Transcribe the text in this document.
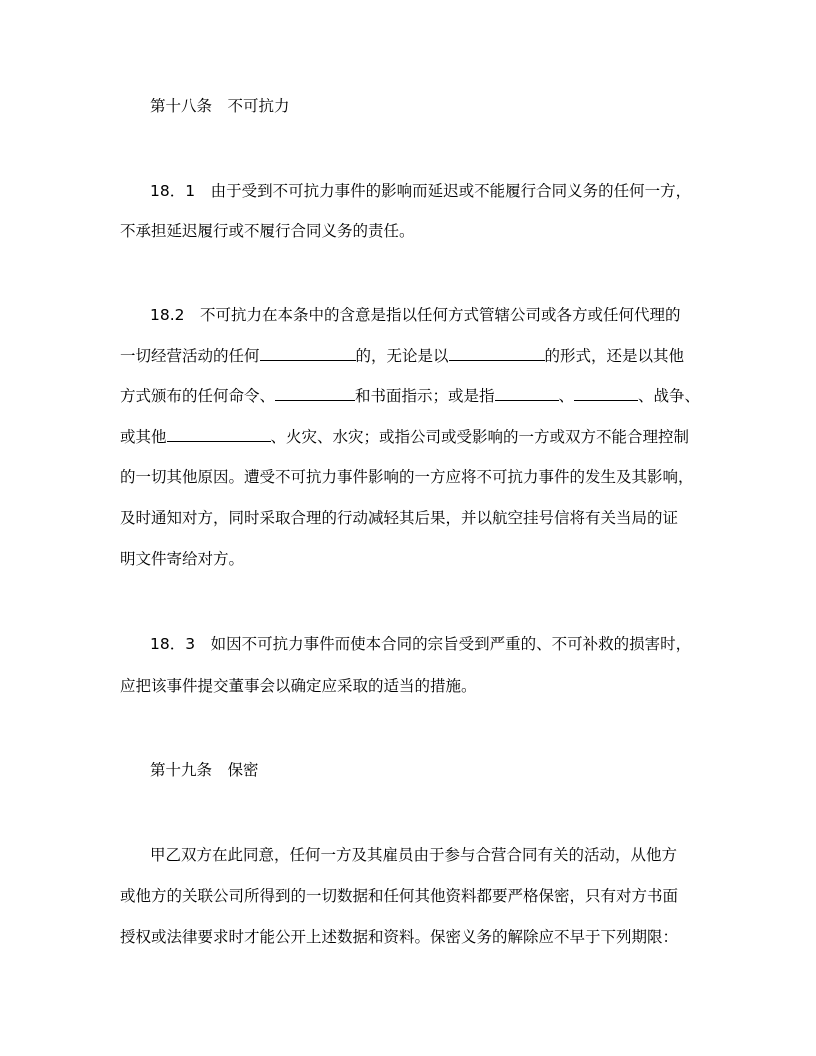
第十八条　不可抗力
18．1　由于受到不可抗力事件的影响而延迟或不能履行合同义务的任何一方，
不承担延迟履行或不履行合同义务的责任。
18.2　不可抗力在本条中的含意是指以任何方式管辖公司或各方或任何代理的
一切经营活动的任何	的，无论是以	的形式，还是以其他
方式颁布的任何命令、	和书面指示；或是指	、	、战争、
或其他	、火灾、水灾；或指公司或受影响的一方或双方不能合理控制
的一切其他原因。遭受不可抗力事件影响的一方应将不可抗力事件的发生及其影响，
及时通知对方，同时采取合理的行动减轻其后果，并以航空挂号信将有关当局的证
明文件寄给对方。
18．3　如因不可抗力事件而使本合同的宗旨受到严重的、不可补救的损害时，
应把该事件提交董事会以确定应采取的适当的措施。
第十九条　保密
甲乙双方在此同意，任何一方及其雇员由于参与合营合同有关的活动，从他方
或他方的关联公司所得到的一切数据和任何其他资料都要严格保密，只有对方书面
授权或法律要求时才能公开上述数据和资料。保密义务的解除应不早于下列期限：
